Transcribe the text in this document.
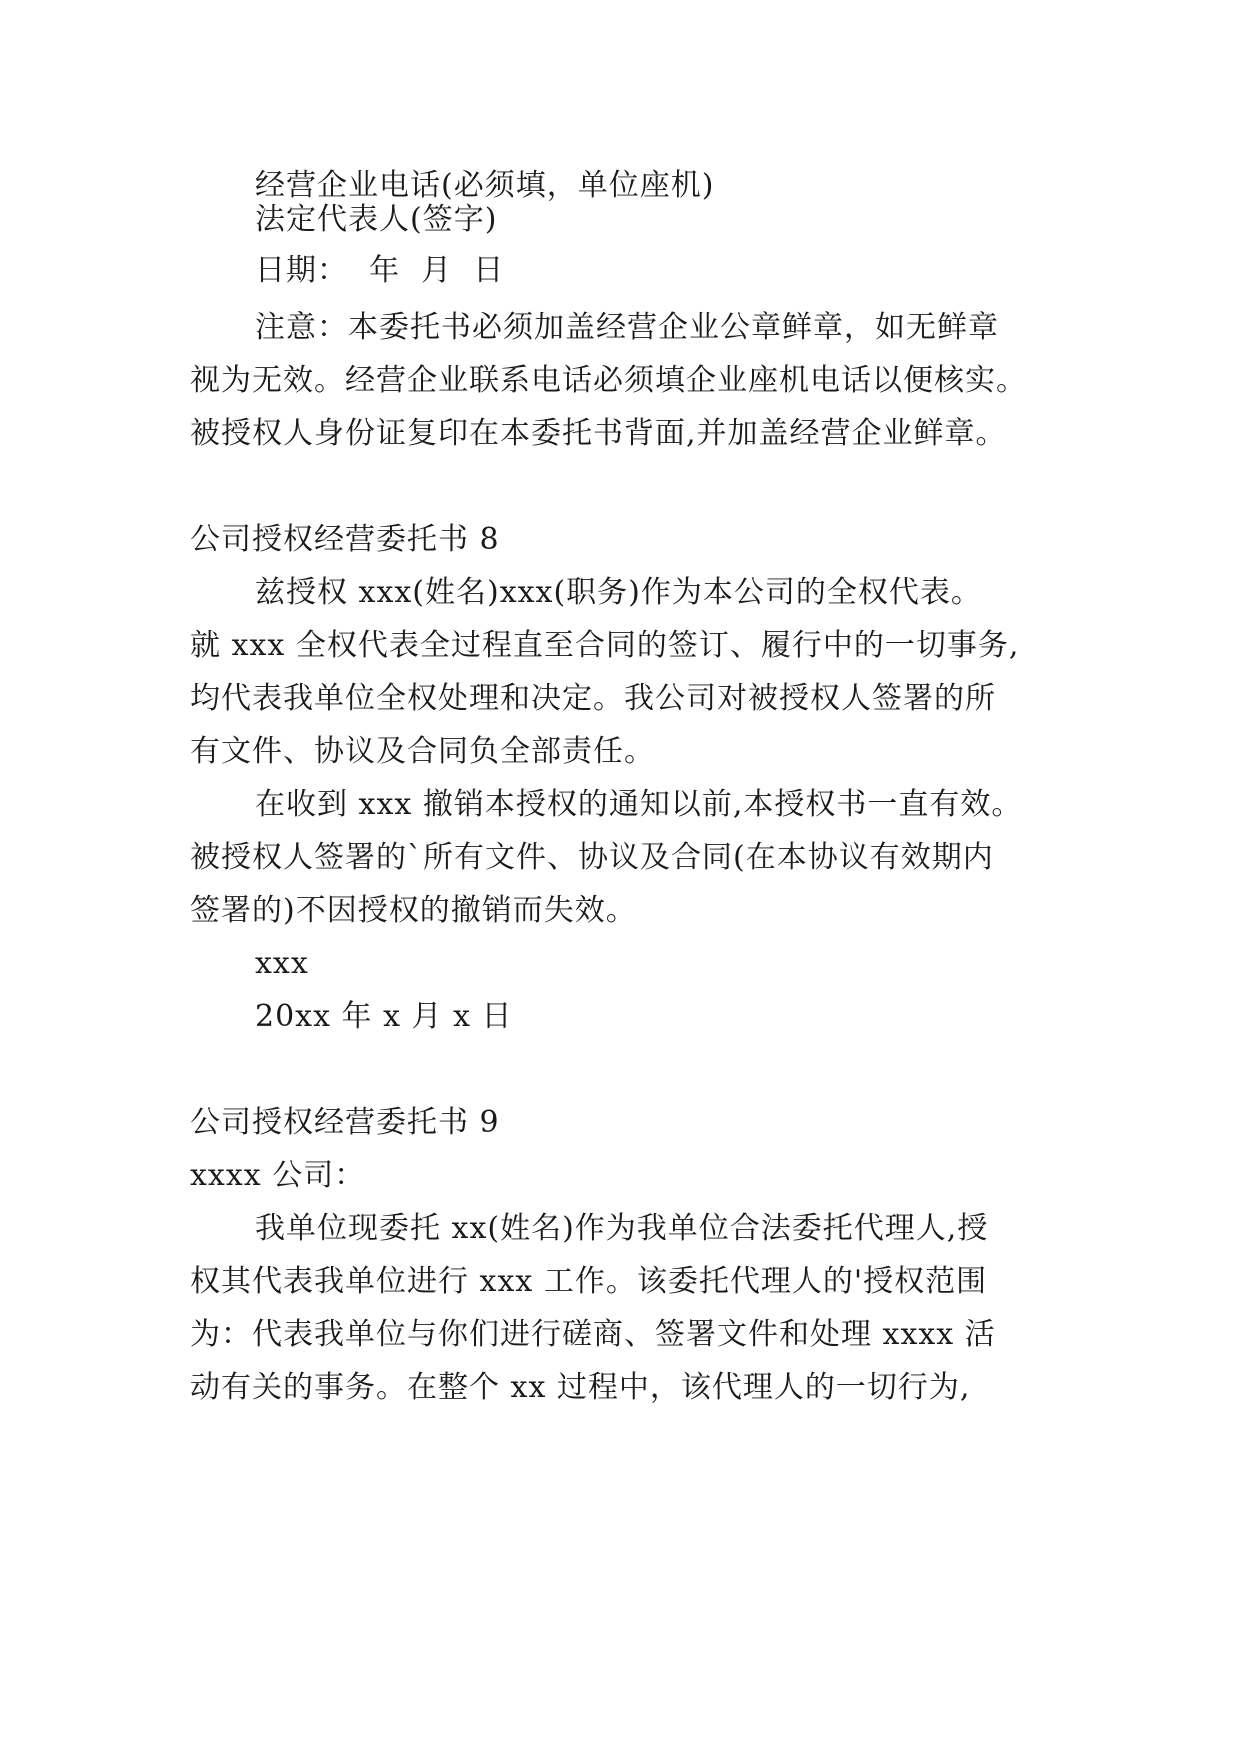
经营企业电话(必须填，单位座机)
法定代表人(签字)
日期：  年  月  日
注意：本委托书必须加盖经营企业公章鲜章，如无鲜章
视为无效。经营企业联系电话必须填企业座机电话以便核实。
被授权人身份证复印在本委托书背面,并加盖经营企业鲜章。
公司授权经营委托书 8
兹授权 xxx(姓名)xxx(职务)作为本公司的全权代表。
就 xxx 全权代表全过程直至合同的签订、履行中的一切事务,
均代表我单位全权处理和决定。我公司对被授权人签署的所
有文件、协议及合同负全部责任。
在收到 xxx 撤销本授权的通知以前,本授权书一直有效。
被授权人签署的`所有文件、协议及合同(在本协议有效期内
签署的)不因授权的撤销而失效。
xxx
20xx 年 x 月 x 日
公司授权经营委托书 9
xxxx 公司：
我单位现委托 xx(姓名)作为我单位合法委托代理人,授
权其代表我单位进行 xxx 工作。该委托代理人的'授权范围
为：代表我单位与你们进行磋商、签署文件和处理 xxxx 活
动有关的事务。在整个 xx 过程中，该代理人的一切行为,
